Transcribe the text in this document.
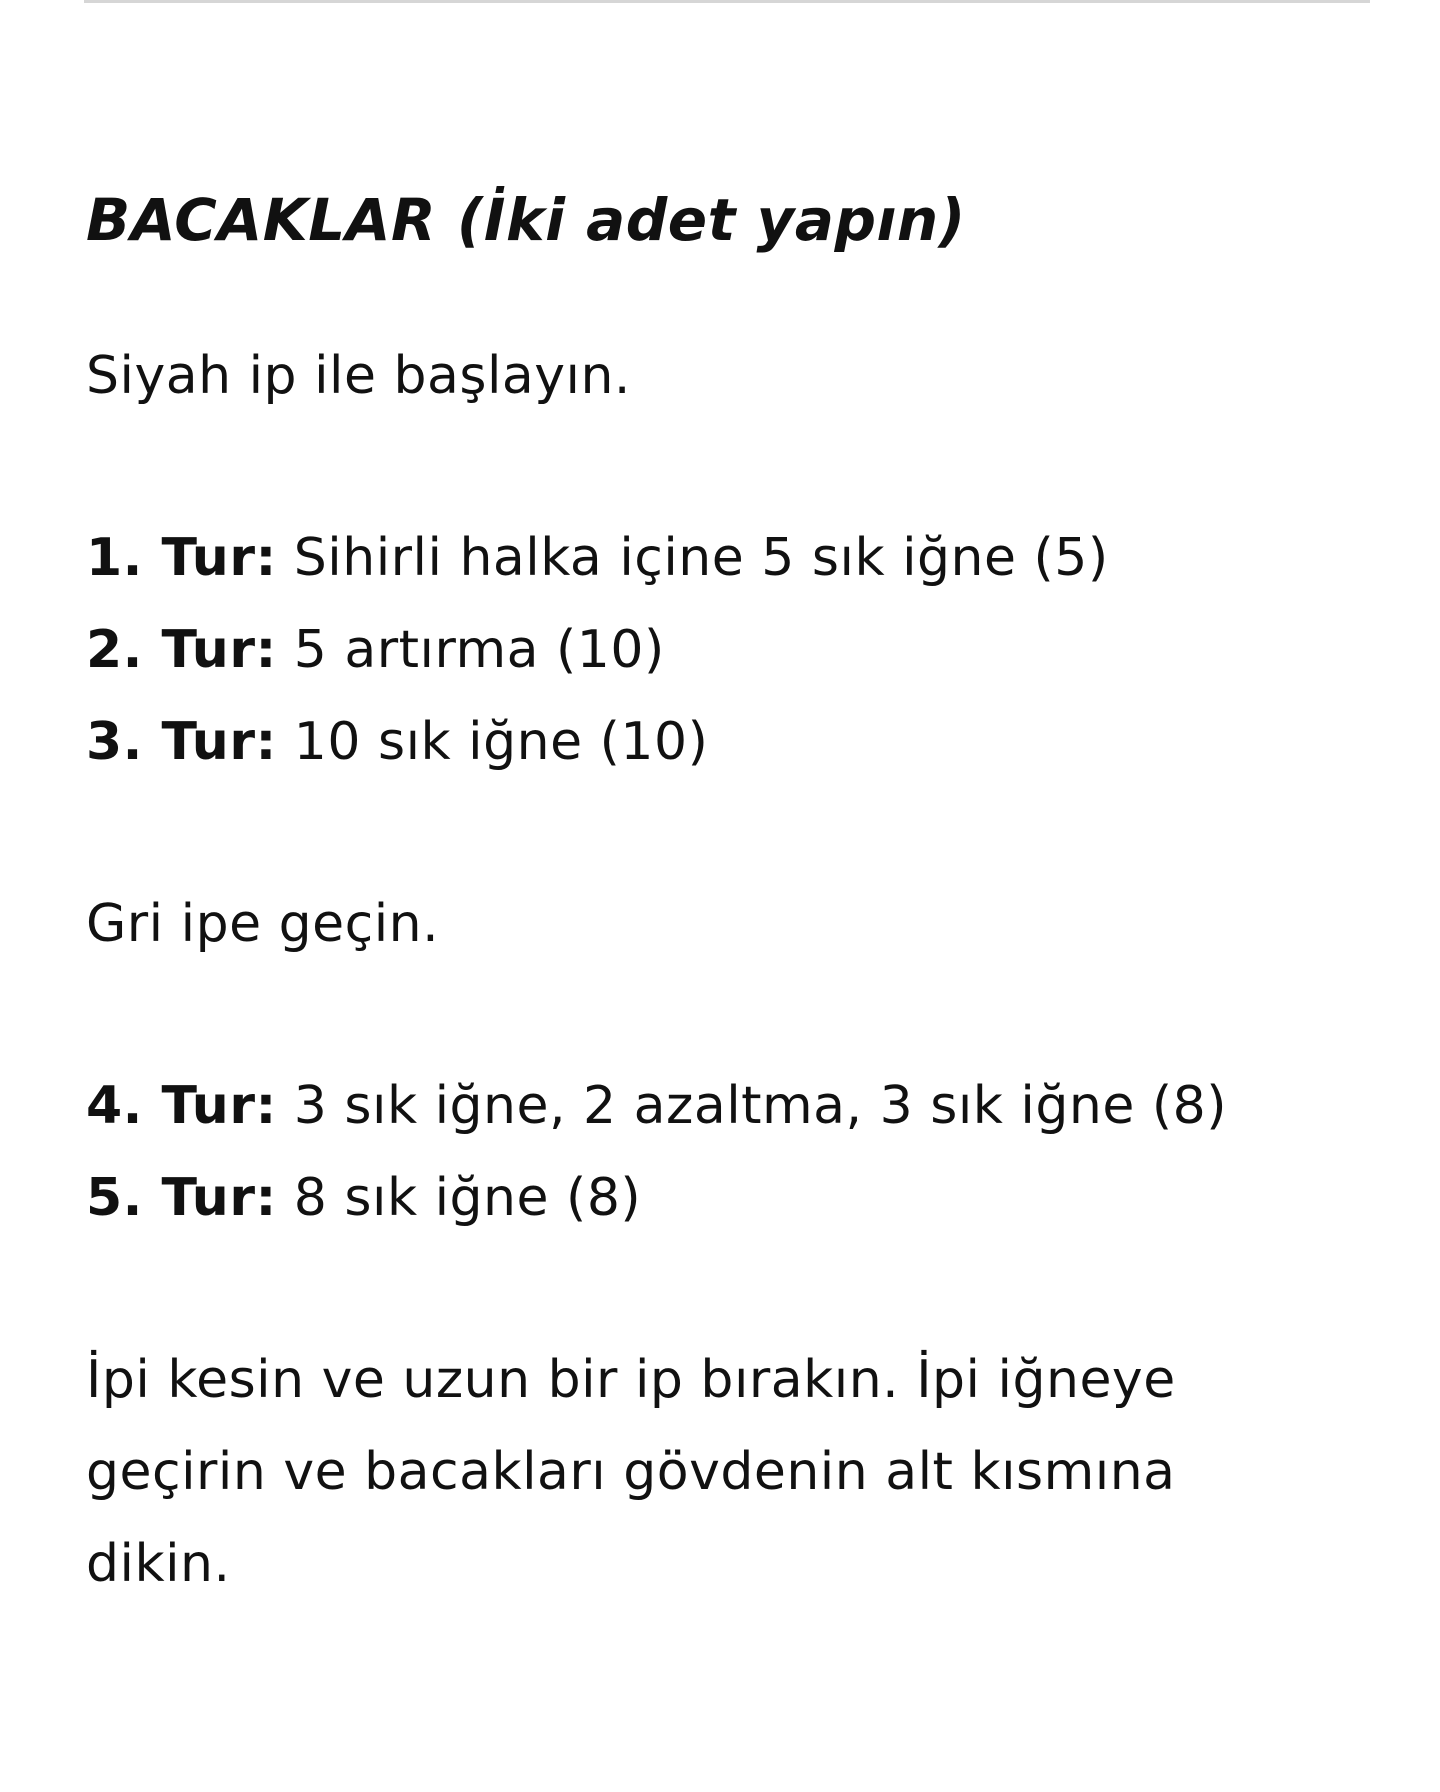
BACAKLAR (İki adet yapın)

Siyah ip ile başlayın.

1. Tur: Sihirli halka içine 5 sık iğne (5)
2. Tur: 5 artırma (10)
3. Tur: 10 sık iğne (10)

Gri ipe geçin.

4. Tur: 3 sık iğne, 2 azaltma, 3 sık iğne (8)
5. Tur: 8 sık iğne (8)

İpi kesin ve uzun bir ip bırakın. İpi iğneye geçirin ve bacakları gövdenin alt kısmına dikin.
